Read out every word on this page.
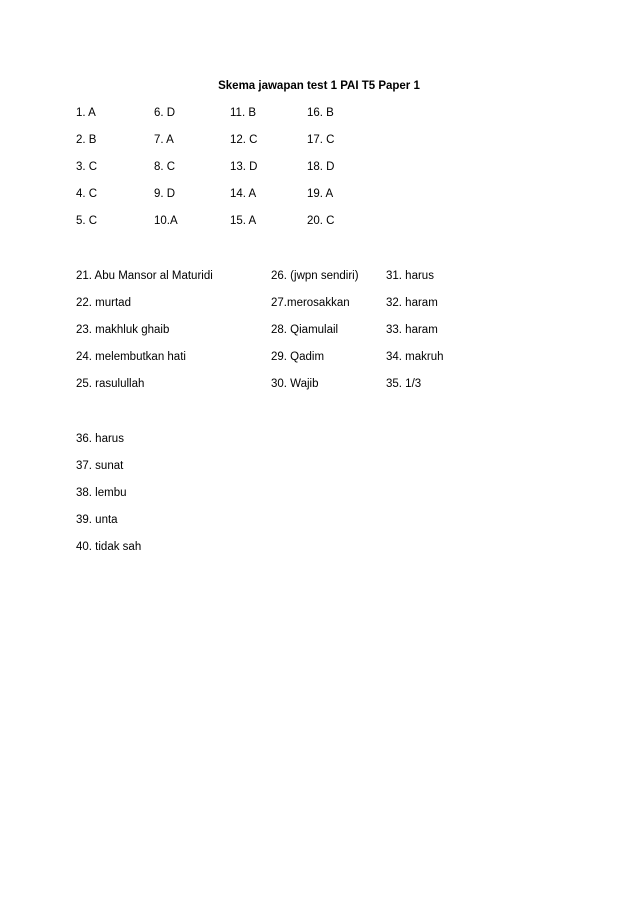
Skema jawapan test 1 PAI T5 Paper 1
1. A
2. B
3. C
4. C
5. C
6. D
7. A
8. C
9. D
10.A
11. B
12. C
13. D
14. A
15. A
16. B
17. C
18. D
19. A
20. C
21. Abu Mansor al Maturidi
22. murtad
23. makhluk ghaib
24. melembutkan hati
25. rasulullah
26. (jwpn sendiri)
27.merosakkan
28. Qiamulail
29. Qadim
30. Wajib
31. harus
32. haram
33. haram
34. makruh
35. 1/3
36. harus
37. sunat
38. lembu
39. unta
40. tidak sah
